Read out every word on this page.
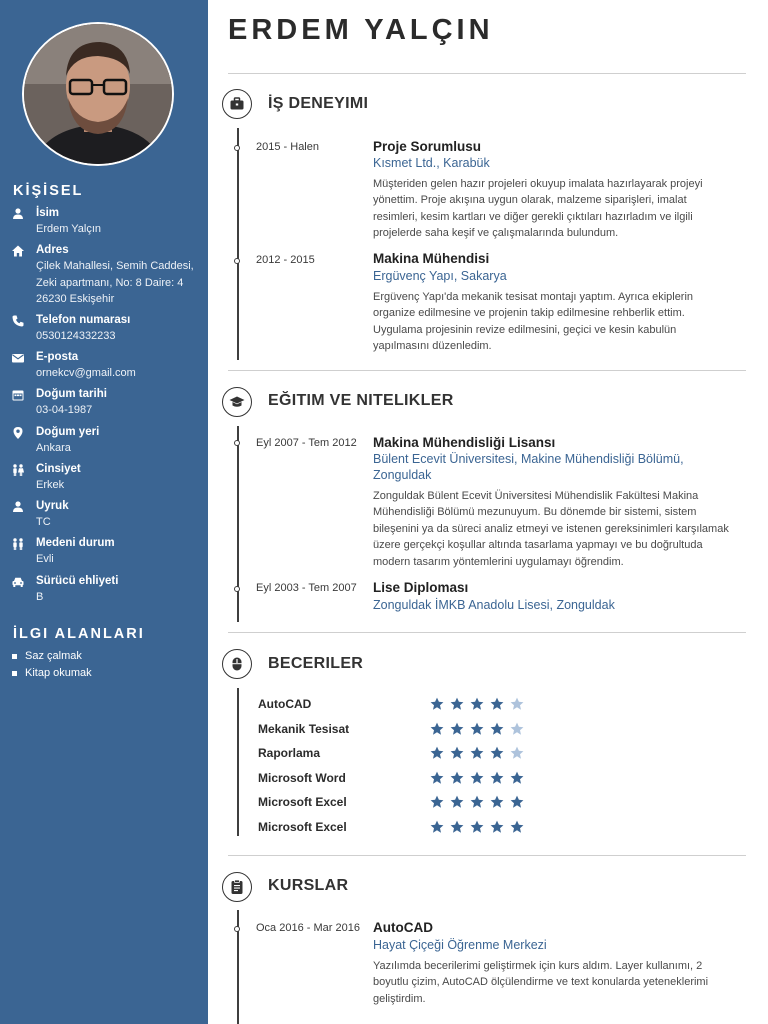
KİŞİSEL
İsim
Erdem Yalçın
Adres
Çilek Mahallesi, Semih Caddesi, Zeki apartmanı, No: 8 Daire: 4 26230 Eskişehir
Telefon numarası
0530124332233
E-posta
ornekcv@gmail.com
Doğum tarihi
03-04-1987
Doğum yeri
Ankara
Cinsiyet
Erkek
Uyruk
TC
Medeni durum
Evli
Sürücü ehliyeti
B
İLGI ALANLARI
Saz çalmak
Kitap okumak
ERDEM YALÇIN
İŞ DENEYIMI
2015 - Halen	Proje Sorumlusu
Kısmet Ltd., Karabük
Müşteriden gelen hazır projeleri okuyup imalata hazırlayarak projeyi yönettim. Proje akışına uygun olarak, malzeme siparişleri, imalat resimleri, kesim kartları ve diğer gerekli çıktıları hazırladım ve ilgili projelerde saha keşif ve çalışmalarında bulundum.
2012 - 2015	Makina Mühendisi
Ergüvenç Yapı, Sakarya
Ergüvenç Yapı'da mekanik tesisat montajı yaptım. Ayrıca ekiplerin organize edilmesine ve projenin takip edilmesine rehberlik ettim. Uygulama projesinin revize edilmesini, geçici ve kesin kabulün yapılmasını düzenledim.
EĞITIM VE NITELIKLER
Eyl 2007 - Tem 2012 Makina Mühendisliği Lisansı
Bülent Ecevit Üniversitesi, Makine Mühendisliği Bölümü, Zonguldak
Zonguldak Bülent Ecevit Üniversitesi Mühendislik Fakültesi Makina Mühendisliği Bölümü mezunuyum. Bu dönemde bir sistemi, sistem bileşenini ya da süreci analiz etmeyi ve istenen gereksinimleri karşılamak üzere gerçekçi koşullar altında tasarlama yapmayı ve bu doğrultuda modern tasarım yöntemlerini uygulamayı öğrendim.
Eyl 2003 - Tem 2007 Lise Diploması
Zonguldak İMKB Anadolu Lisesi, Zonguldak
BECERILER
AutoCAD
Mekanik Tesisat
Raporlama
Microsoft Word
Microsoft Excel
Microsoft Excel
KURSLAR
Oca 2016 - Mar 2016 AutoCAD
Hayat Çiçeği Öğrenme Merkezi
Yazılımda becerilerimi geliştirmek için kurs aldım. Layer kullanımı, 2 boyutlu çizim, AutoCAD ölçülendirme ve text konularda yeteneklerimi geliştirdim.
